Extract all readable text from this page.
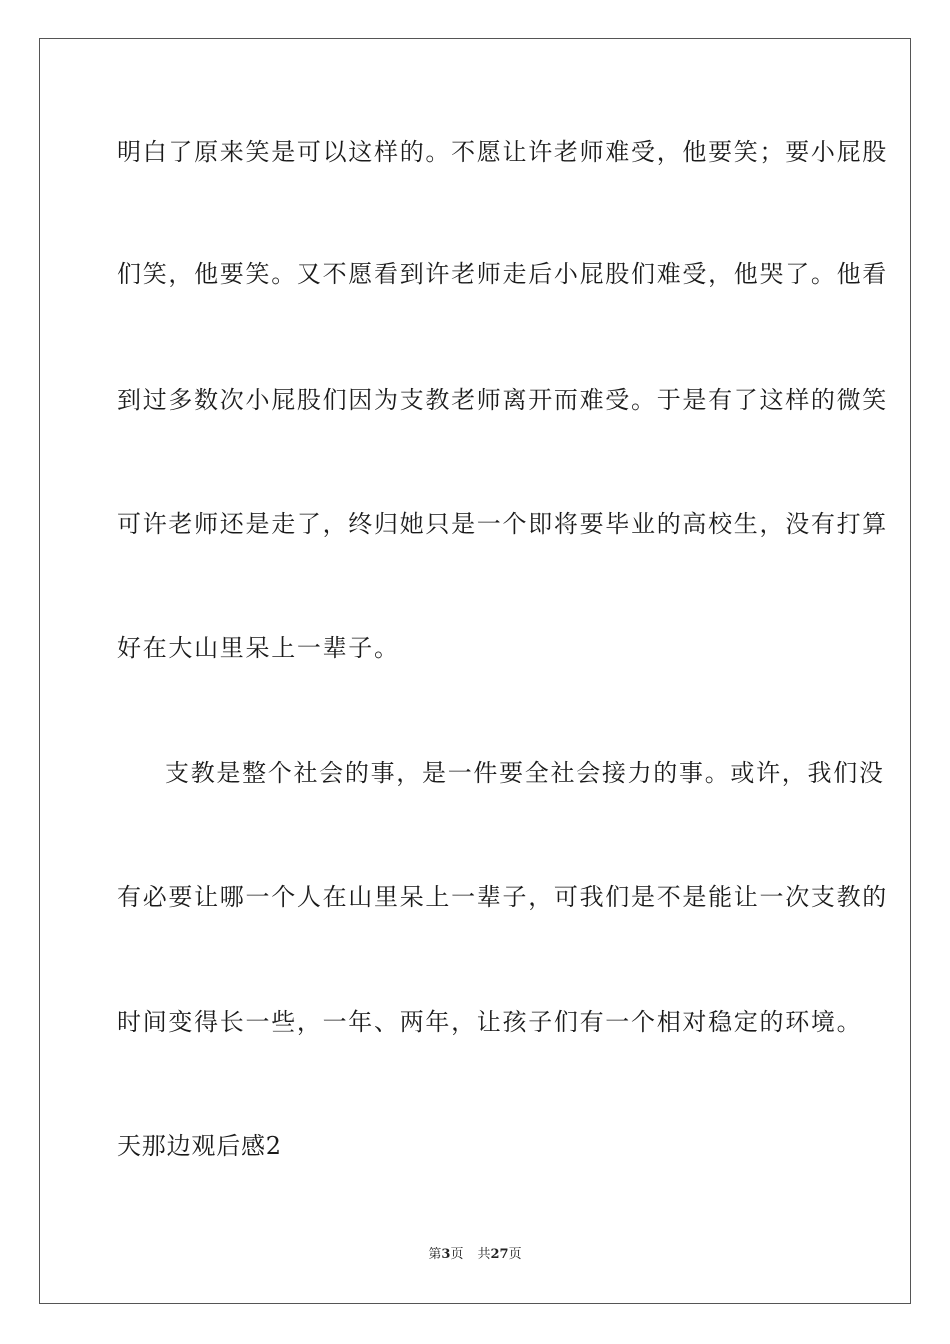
明白了原来笑是可以这样的。不愿让许老师难受，他要笑；要小屁股
们笑，他要笑。又不愿看到许老师走后小屁股们难受，他哭了。他看
到过多数次小屁股们因为支教老师离开而难受。于是有了这样的微笑
可许老师还是走了，终归她只是一个即将要毕业的高校生，没有打算
好在大山里呆上一辈子。
支教是整个社会的事，是一件要全社会接力的事。或许，我们没
有必要让哪一个人在山里呆上一辈子，可我们是不是能让一次支教的
时间变得长一些，一年、两年，让孩子们有一个相对稳定的环境。
天那边观后感2
第3页 共27页
